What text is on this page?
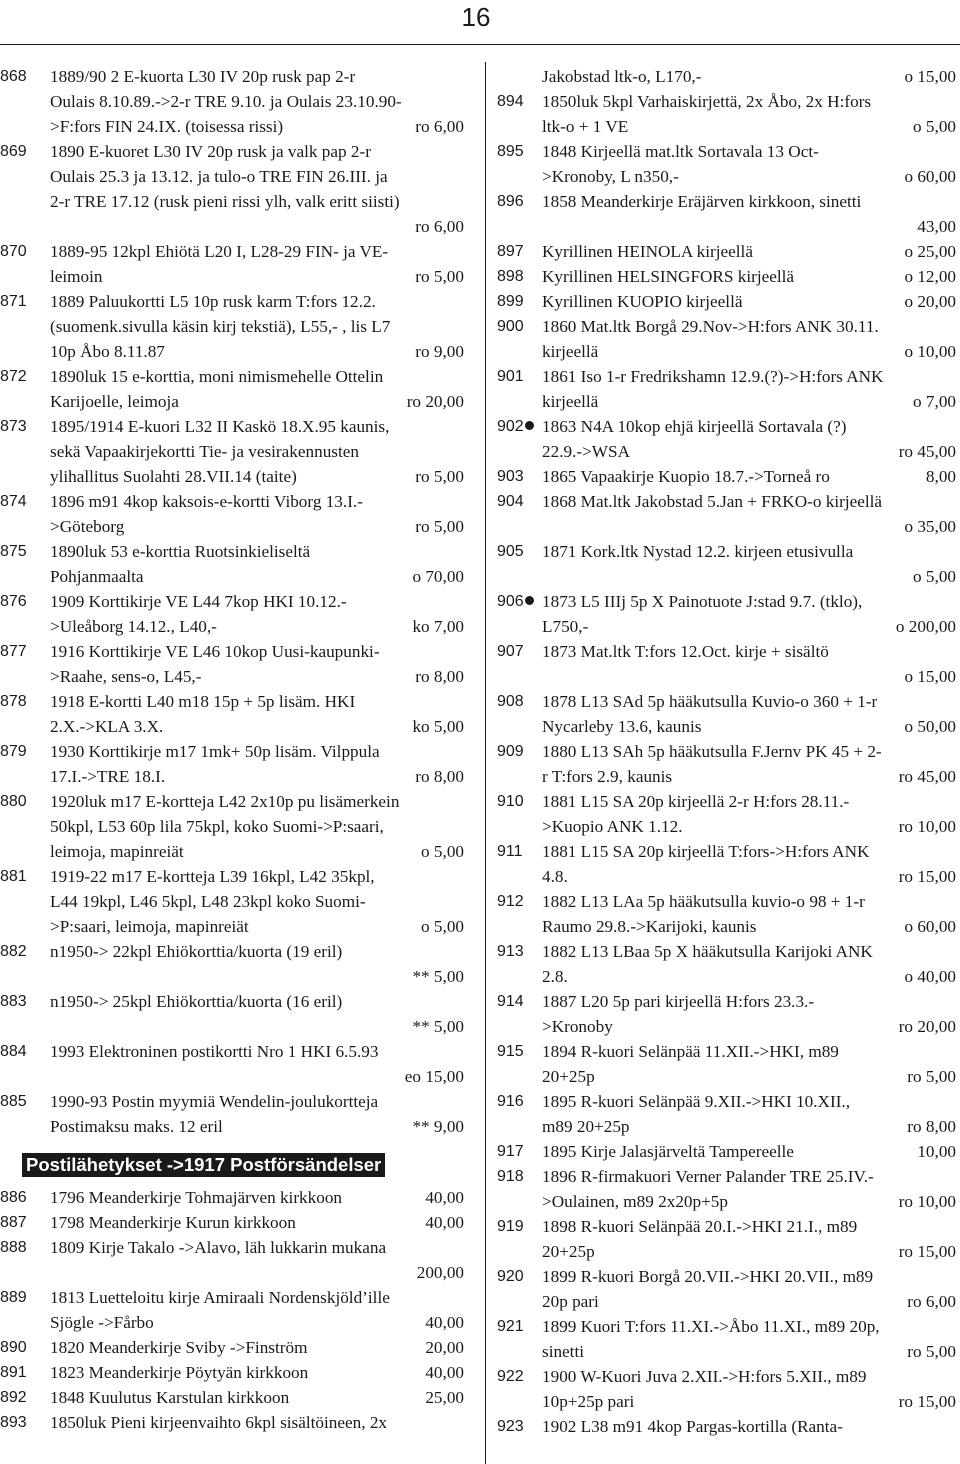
16
868	1889/90 2 E-kuorta L30 IV 20p rusk pap 2-r
Oulais 8.10.89.->2-r TRE 9.10. ja Oulais 23.10.90-
>F:fors FIN 24.IX. (toisessa rissi)	ro 6,00
869	1890 E-kuoret L30 IV 20p rusk ja valk pap 2-r
Oulais 25.3 ja 13.12. ja tulo-o TRE FIN 26.III. ja
2-r TRE 17.12 (rusk pieni rissi ylh, valk eritt siisti)

ro 6,00
870	1889-95 12kpl Ehiötä L20 I, L28-29 FIN- ja VE-
leimoin	ro 5,00
871	1889 Paluukortti L5 10p rusk karm T:fors 12.2.
(suomenk.sivulla käsin kirj tekstiä), L55,- , lis L7
10p Åbo 8.11.87	ro 9,00
872	1890luk 15 e-korttia, moni nimismehelle Ottelin
Karijoelle, leimoja	ro 20,00
873	1895/1914 E-kuori L32 II Kaskö 18.X.95 kaunis,
sekä Vapaakirjekortti Tie- ja vesirakennusten
ylihallitus Suolahti 28.VII.14 (taite)	ro 5,00
874	1896 m91 4kop kaksois-e-kortti Viborg 13.I.-
>Göteborg	ro 5,00
875	1890luk 53 e-korttia Ruotsinkieliseltä
Pohjanmaalta	o 70,00
876	1909 Korttikirje VE L44 7kop HKI 10.12.-
>Uleåborg 14.12., L40,-	ko 7,00
877	1916 Korttikirje VE L46 10kop Uusi-kaupunki-
>Raahe, sens-o, L45,-	ro 8,00
878	1918 E-kortti L40 m18 15p + 5p lisäm. HKI
2.X.->KLA 3.X.	ko 5,00
879	1930 Korttikirje m17 1mk+ 50p lisäm. Vilppula
17.I.->TRE 18.I.	ro 8,00
880	1920luk m17 E-kortteja L42 2x10p pu lisämerkein
50kpl, L53 60p lila 75kpl, koko Suomi->P:saari,
leimoja, mapinreiät	o 5,00
881	1919-22 m17 E-kortteja L39 16kpl, L42 35kpl,
L44 19kpl, L46 5kpl, L48 23kpl koko Suomi-
>P:saari, leimoja, mapinreiät	o 5,00
882	n1950-> 22kpl Ehiökorttia/kuorta (19 eril)

** 5,00
883	n1950-> 25kpl Ehiökorttia/kuorta (16 eril)

** 5,00
884	1993 Elektroninen postikortti Nro 1 HKI 6.5.93

eo 15,00
885	1990-93 Postin myymiä Wendelin-joulukortteja
Postimaksu maks. 12 eril	** 9,00
Postilähetykset ->1917 Postförsändelser
886	1796 Meanderkirje Tohmajärven kirkkoon	40,00
887	1798 Meanderkirje Kurun kirkkoon	40,00
888	1809 Kirje Takalo ->Alavo, läh lukkarin mukana

200,00
889	1813 Luetteloitu kirje Amiraali Nordenskjöld’ille
Sjögle ->Fårbo	40,00
890	1820 Meanderkirje Sviby ->Finström	20,00
891	1823 Meanderkirje Pöytyän kirkkoon	40,00
892	1848 Kuulutus Karstulan kirkkoon	25,00
893	1850luk Pieni kirjeenvaihto 6kpl sisältöineen, 2x
Jakobstad ltk-o, L170,-	o 15,00
894	1850luk 5kpl Varhaiskirjettä, 2x Åbo, 2x H:fors
ltk-o + 1 VE	o 5,00
895	1848 Kirjeellä mat.ltk Sortavala 13 Oct-
>Kronoby, L n350,-	o 60,00
896	1858 Meanderkirje Eräjärven kirkkoon, sinetti

43,00
897	Kyrillinen HEINOLA kirjeellä	o 25,00
898	Kyrillinen HELSINGFORS kirjeellä	o 12,00
899	Kyrillinen KUOPIO kirjeellä	o 20,00
900	1860 Mat.ltk Borgå 29.Nov->H:fors ANK 30.11.
kirjeellä	o 10,00
901	1861 Iso 1-r Fredrikshamn 12.9.(?)->H:fors ANK
kirjeellä	o 7,00
902	1863 N4A 10kop ehjä kirjeellä Sortavala (?)
22.9.->WSA	ro 45,00
903	1865 Vapaakirje Kuopio 18.7.->Torneå ro	8,00
904	1868 Mat.ltk Jakobstad 5.Jan + FRKO-o kirjeellä

o 35,00
905	1871 Kork.ltk Nystad 12.2. kirjeen etusivulla

o 5,00
906	1873 L5 IIIj 5p X Painotuote J:stad 9.7. (tklo),
L750,-	o 200,00
907	1873 Mat.ltk T:fors 12.Oct. kirje + sisältö

o 15,00
908	1878 L13 SAd 5p hääkutsulla Kuvio-o 360 + 1-r
Nycarleby 13.6, kaunis	o 50,00
909	1880 L13 SAh 5p hääkutsulla F.Jernv PK 45 + 2-
r T:fors 2.9, kaunis	ro 45,00
910	1881 L15 SA 20p kirjeellä 2-r H:fors 28.11.-
>Kuopio ANK 1.12.	ro 10,00
911	1881 L15 SA 20p kirjeellä T:fors->H:fors ANK
4.8.	ro 15,00
912	1882 L13 LAa 5p hääkutsulla kuvio-o 98 + 1-r
Raumo 29.8.->Karijoki, kaunis	o 60,00
913	1882 L13 LBaa 5p X hääkutsulla Karijoki ANK
2.8.	o 40,00
914	1887 L20 5p pari kirjeellä H:fors 23.3.-
>Kronoby	ro 20,00
915	1894 R-kuori Selänpää 11.XII.->HKI, m89
20+25p	ro 5,00
916	1895 R-kuori Selänpää 9.XII.->HKI 10.XII.,
m89 20+25p	ro 8,00
917	1895 Kirje Jalasjärveltä Tampereelle	10,00
918	1896 R-firmakuori Verner Palander TRE 25.IV.-
>Oulainen, m89 2x20p+5p	ro 10,00
919	1898 R-kuori Selänpää 20.I.->HKI 21.I., m89
20+25p	ro 15,00
920	1899 R-kuori Borgå 20.VII.->HKI 20.VII., m89
20p pari	ro 6,00
921	1899 Kuori T:fors 11.XI.->Åbo 11.XI., m89 20p,
sinetti	ro 5,00
922	1900 W-Kuori Juva 2.XII.->H:fors 5.XII., m89
10p+25p pari	ro 15,00
923	1902 L38 m91 4kop Pargas-kortilla (Ranta-
